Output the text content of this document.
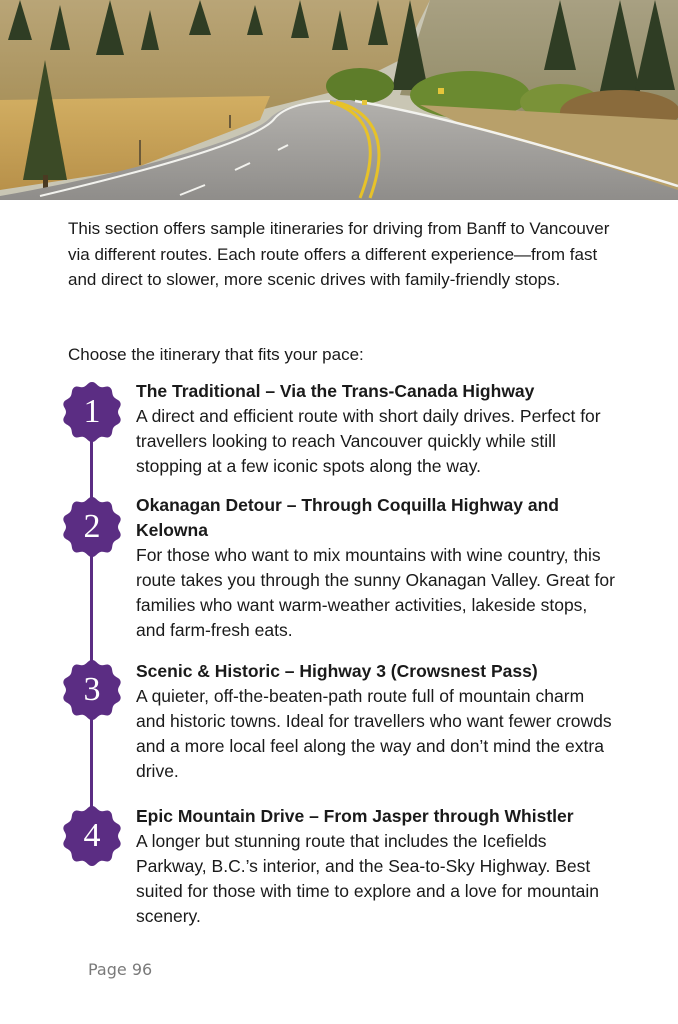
This section offers sample itineraries for driving from Banff to Vancouver via different routes. Each route offers a different experience—from fast and direct to slower, more scenic drives with family-friendly stops.

Choose the itinerary that fits your pace:

1
2
3
4
The Traditional – Via the Trans-Canada Highway

A direct and efficient route with short daily drives. Perfect for travellers looking to reach Vancouver quickly while still stopping at a few iconic spots along the way.

Okanagan Detour – Through Coquilla Highway and Kelowna

For those who want to mix mountains with wine country, this route takes you through the sunny Okanagan Valley. Great for families who want warm-weather activities, lakeside stops, and farm-fresh eats.

Scenic & Historic – Highway 3 (Crowsnest Pass)

A quieter, off-the-beaten-path route full of mountain charm and historic towns. Ideal for travellers who want fewer crowds and a more local feel along the way and don’t mind the extra drive.

Epic Mountain Drive – From Jasper through Whistler

A longer but stunning route that includes the Icefields Parkway, B.C.’s interior, and the Sea-to-Sky Highway. Best suited for those with time to explore and a love for mountain scenery.

Page 96
